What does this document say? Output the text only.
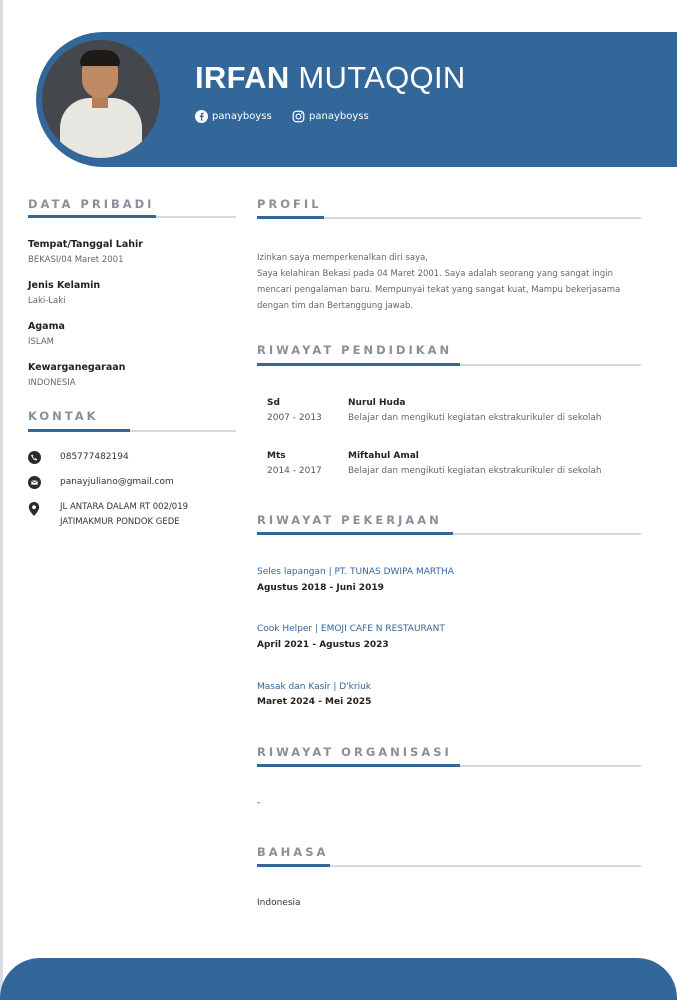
IRFAN MUTAQQIN
panayboyss	panayboyss
DATA PRIBADI
Tempat/Tanggal Lahir
BEKASI/04 Maret 2001
Jenis Kelamin
Laki-Laki
Agama
ISLAM
Kewarganegaraan
INDONESIA
KONTAK
085777482194
panayjuliano@gmail.com
JL ANTARA DALAM RT 002/019
JATIMAKMUR PONDOK GEDE
PROFIL
Izinkan saya memperkenalkan diri saya,
Saya kelahiran Bekasi pada 04 Maret 2001. Saya adalah seorang yang sangat ingin mencari pengalaman baru. Mempunyai tekat yang sangat kuat, Mampu bekerjasama dengan tim dan Bertanggung jawab.
RIWAYAT PENDIDIKAN
Sd
2007 - 2013
Nurul Huda
Belajar dan mengikuti kegiatan ekstrakurikuler di sekolah
Mts
2014 - 2017
Miftahul Amal
Belajar dan mengikuti kegiatan ekstrakurikuler di sekolah
RIWAYAT PEKERJAAN
Seles lapangan | PT. TUNAS DWIPA MARTHA
Agustus 2018 - Juni 2019
Cook Helper | EMOJI CAFE N RESTAURANT
April 2021 - Agustus 2023
Masak dan Kasir | D'kriuk
Maret 2024 - Mei 2025
RIWAYAT ORGANISASI
-
BAHASA
Indonesia
